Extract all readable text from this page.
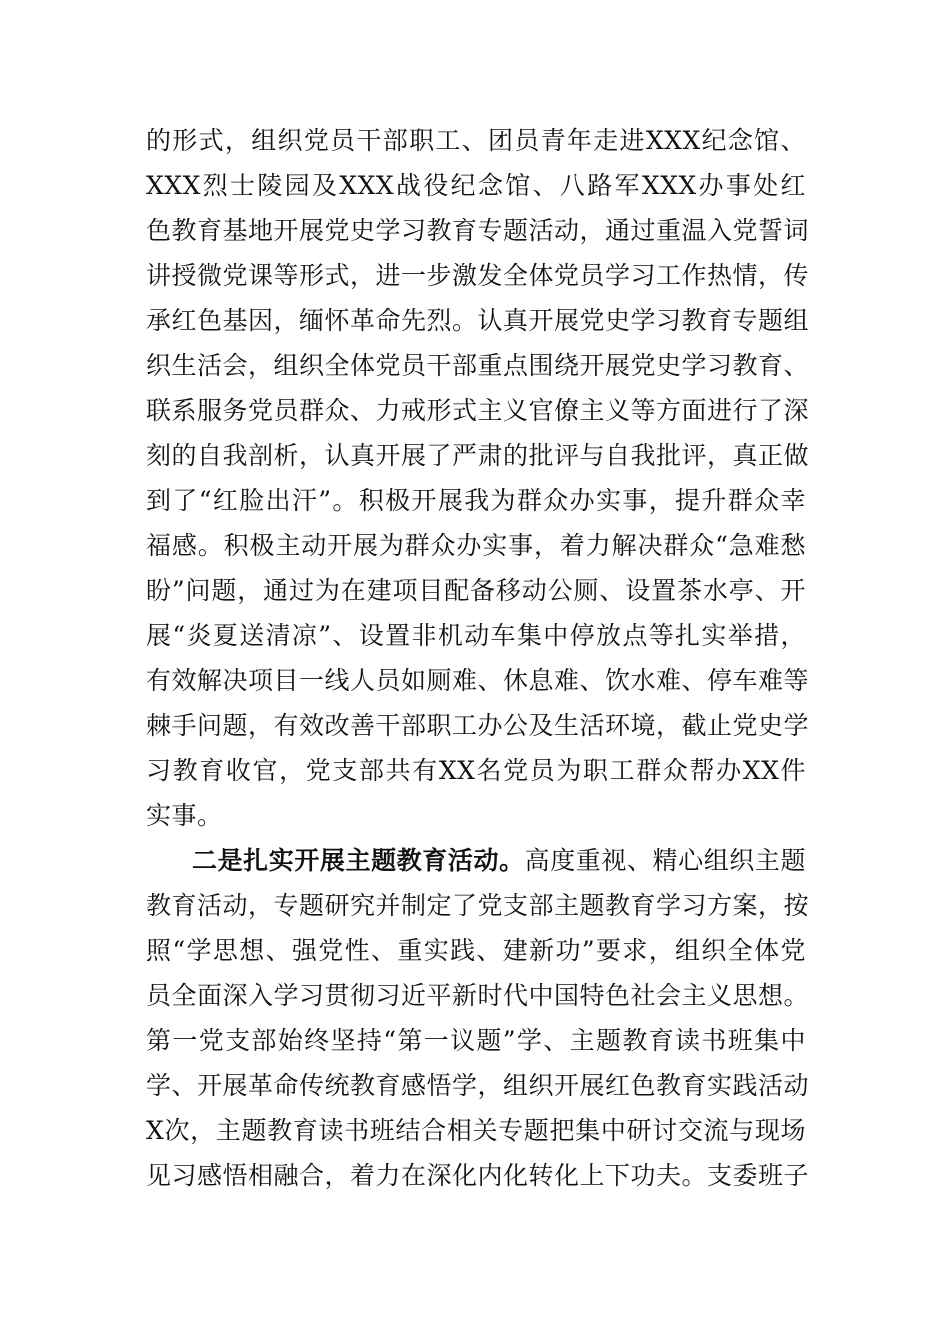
的形式，组织党员干部职工、团员青年走进XXX纪念馆、
XXX烈士陵园及XXX战役纪念馆、八路军XXX办事处红
色教育基地开展党史学习教育专题活动，通过重温入党誓词
讲授微党课等形式，进一步激发全体党员学习工作热情，传
承红色基因，缅怀革命先烈。认真开展党史学习教育专题组
织生活会，组织全体党员干部重点围绕开展党史学习教育、
联系服务党员群众、力戒形式主义官僚主义等方面进行了深
刻的自我剖析，认真开展了严肃的批评与自我批评，真正做
到了“红脸出汗”。积极开展我为群众办实事，提升群众幸
福感。积极主动开展为群众办实事，着力解决群众“急难愁
盼”问题，通过为在建项目配备移动公厕、设置茶水亭、开
展“炎夏送清凉”、设置非机动车集中停放点等扎实举措，
有效解决项目一线人员如厕难、休息难、饮水难、停车难等
棘手问题，有效改善干部职工办公及生活环境，截止党史学
习教育收官，党支部共有XX名党员为职工群众帮办XX件
实事。
二是扎实开展主题教育活动。高度重视、精心组织主题
教育活动，专题研究并制定了党支部主题教育学习方案，按
照“学思想、强党性、重实践、建新功”要求，组织全体党
员全面深入学习贯彻习近平新时代中国特色社会主义思想。
第一党支部始终坚持“第一议题”学、主题教育读书班集中
学、开展革命传统教育感悟学，组织开展红色教育实践活动
X次，主题教育读书班结合相关专题把集中研讨交流与现场
见习感悟相融合，着力在深化内化转化上下功夫。支委班子
